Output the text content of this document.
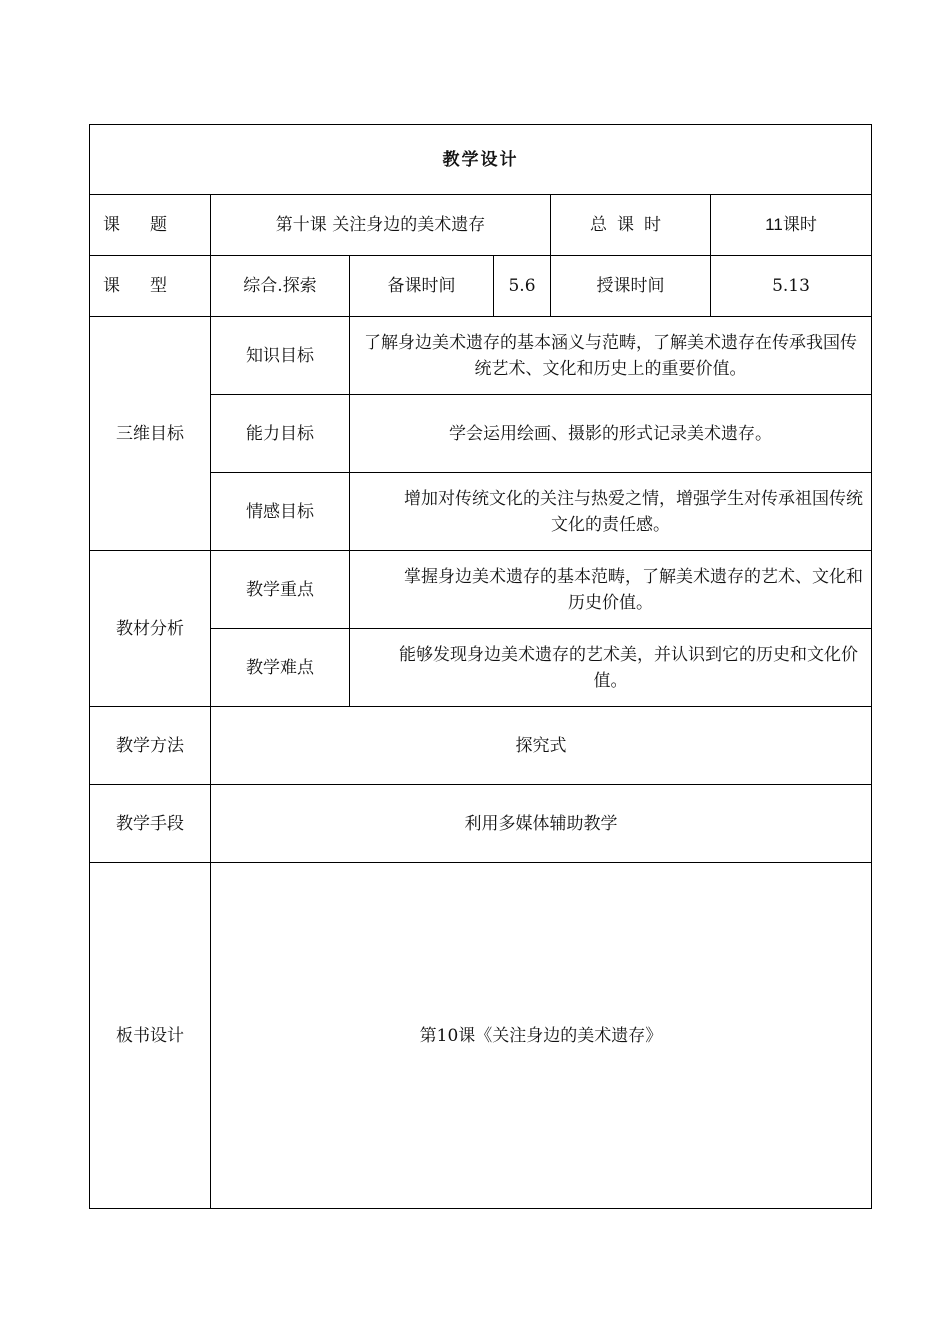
教学设计					
课题	第十课 关注身边的美术遗存			总课时	11课时
课型	综合.探索	备课时间	5.6	授课时间	5.13
三维目标	知识目标	了解身边美术遗存的基本涵义与范畴，了解美术遗存在传承我国传统艺术、文化和历史上的重要价值。			
	能力目标	学会运用绘画、摄影的形式记录美术遗存。			
	情感目标	增加对传统文化的关注与热爱之情，增强学生对传承祖国传统文化的责任感。			
教材分析	教学重点	掌握身边美术遗存的基本范畴，了解美术遗存的艺术、文化和历史价值。			
	教学难点	能够发现身边美术遗存的艺术美，并认识到它的历史和文化价值。			
教学方法	探究式				
教学手段	利用多媒体辅助教学				
板书设计	第10课《关注身边的美术遗存》				
